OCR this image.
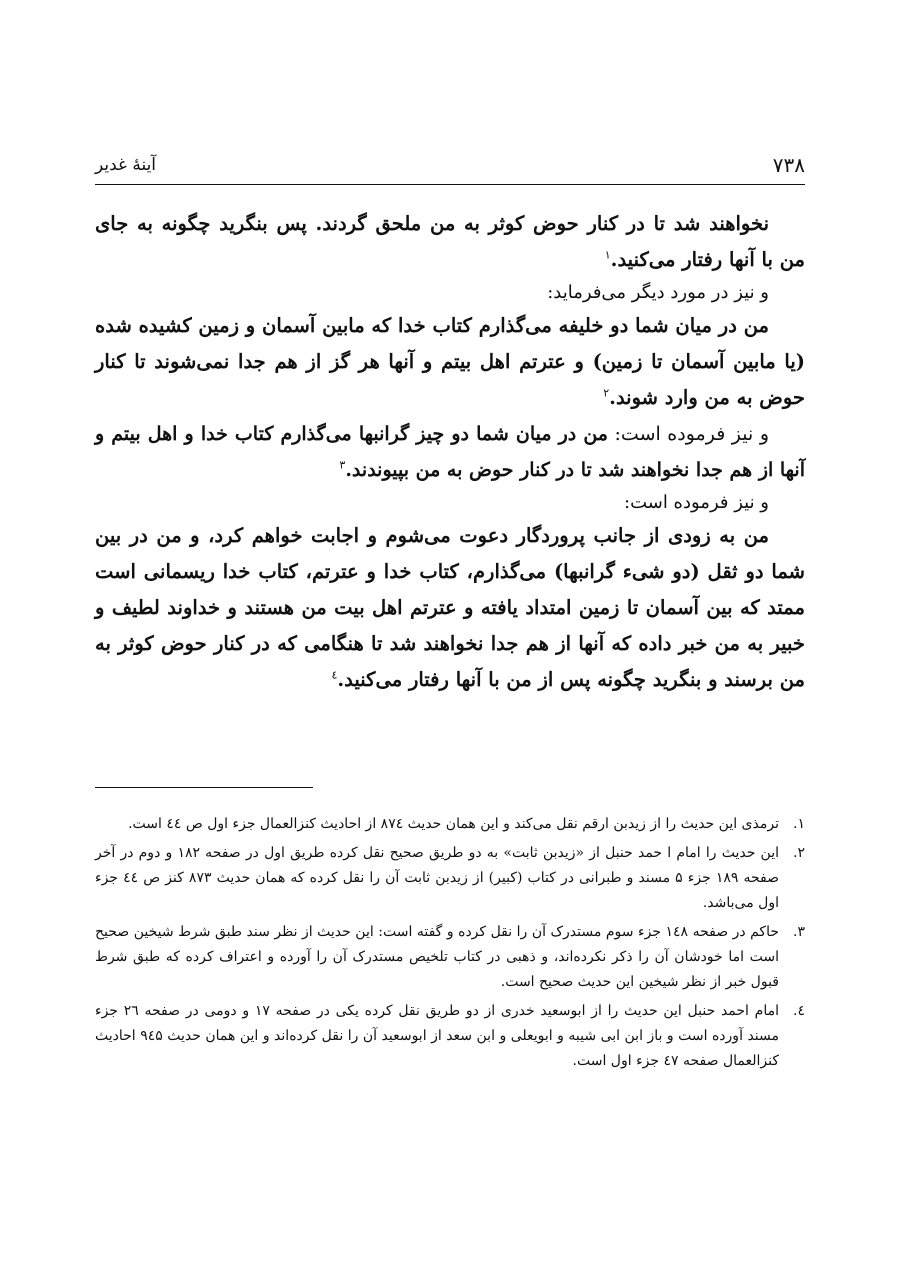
۷۳۸
آینۀ غدیر

نخواهند شد تا در کنار حوض کوثر به من ملحق گردند. پس بنگرید چگونه به جای من با آنها رفتار می‌کنید.$^۱$

و نیز در مورد دیگر می‌فرماید:

من در میان شما دو خلیفه می‌گذارم کتاب خدا که مابین آسمان و زمین کشیده شده (یا مابین آسمان تا زمین) و عترتم اهل بیتم و آنها هر گز از هم جدا نمی‌شوند تا کنار حوض به من وارد شوند.$^۲$

و نیز فرموده است: من در میان شما دو چیز گرانبها می‌گذارم کتاب خدا و اهل بیتم و آنها از هم جدا نخواهند شد تا در کنار حوض به من بپیوندند.$^۳$

و نیز فرموده است:

من به زودی از جانب پروردگار دعوت می‌شوم و اجابت خواهم کرد، و من در بین شما دو ثقل (دو شیء گرانبها) می‌گذارم، کتاب خدا و عترتم، کتاب خدا ریسمانی است ممتد که بین آسمان تا زمین امتداد یافته و عترتم اهل بیت من هستند و خداوند لطیف و خبیر به من خبر داده که آنها از هم جدا نخواهند شد تا هنگامی که در کنار حوض کوثر به من برسند و بنگرید چگونه پس از من با آنها رفتار می‌کنید.$^٤$

۱.
ترمذی این حدیث را از زیدبن ارقم نقل می‌کند و این همان حدیث ۸۷٤ از احادیث کنزالعمال جزء اول ص ٤٤ است.

۲.
این حدیث را امام ا حمد حنبل از «زیدبن ثابت» به دو طریق صحیح نقل کرده طریق اول در صفحه ۱۸۲ و دوم در آخر صفحه ۱۸۹ جزء ۵ مسند و طبرانی در کتاب (کبیر) از زیدبن ثابت آن را نقل کرده که همان حدیث ۸۷۳ کنز ص ٤٤ جزء اول می‌باشد.

۳.
حاکم در صفحه ۱٤۸ جزء سوم مستدرک آن را نقل کرده و گفته است: این حدیث از نظر سند طبق شرط شیخین صحیح است اما خودشان آن را ذکر نکرده‌اند، و ذهبی در کتاب تلخیص مستدرک آن را آورده و اعتراف کرده که طبق شرط قبول خبر از نظر شیخین این حدیث صحیح است.

٤.
امام احمد حنبل این حدیث را از ابوسعید خدری از دو طریق نقل کرده یکی در صفحه ۱۷ و دومی در صفحه ۲٦ جزء مسند آورده است و باز ابن ابی شیبه و ابویعلی و ابن سعد از ابوسعید آن را نقل کرده‌اند و این همان حدیث ۹٤۵ احادیث کنزالعمال صفحه ٤۷ جزء اول است.
